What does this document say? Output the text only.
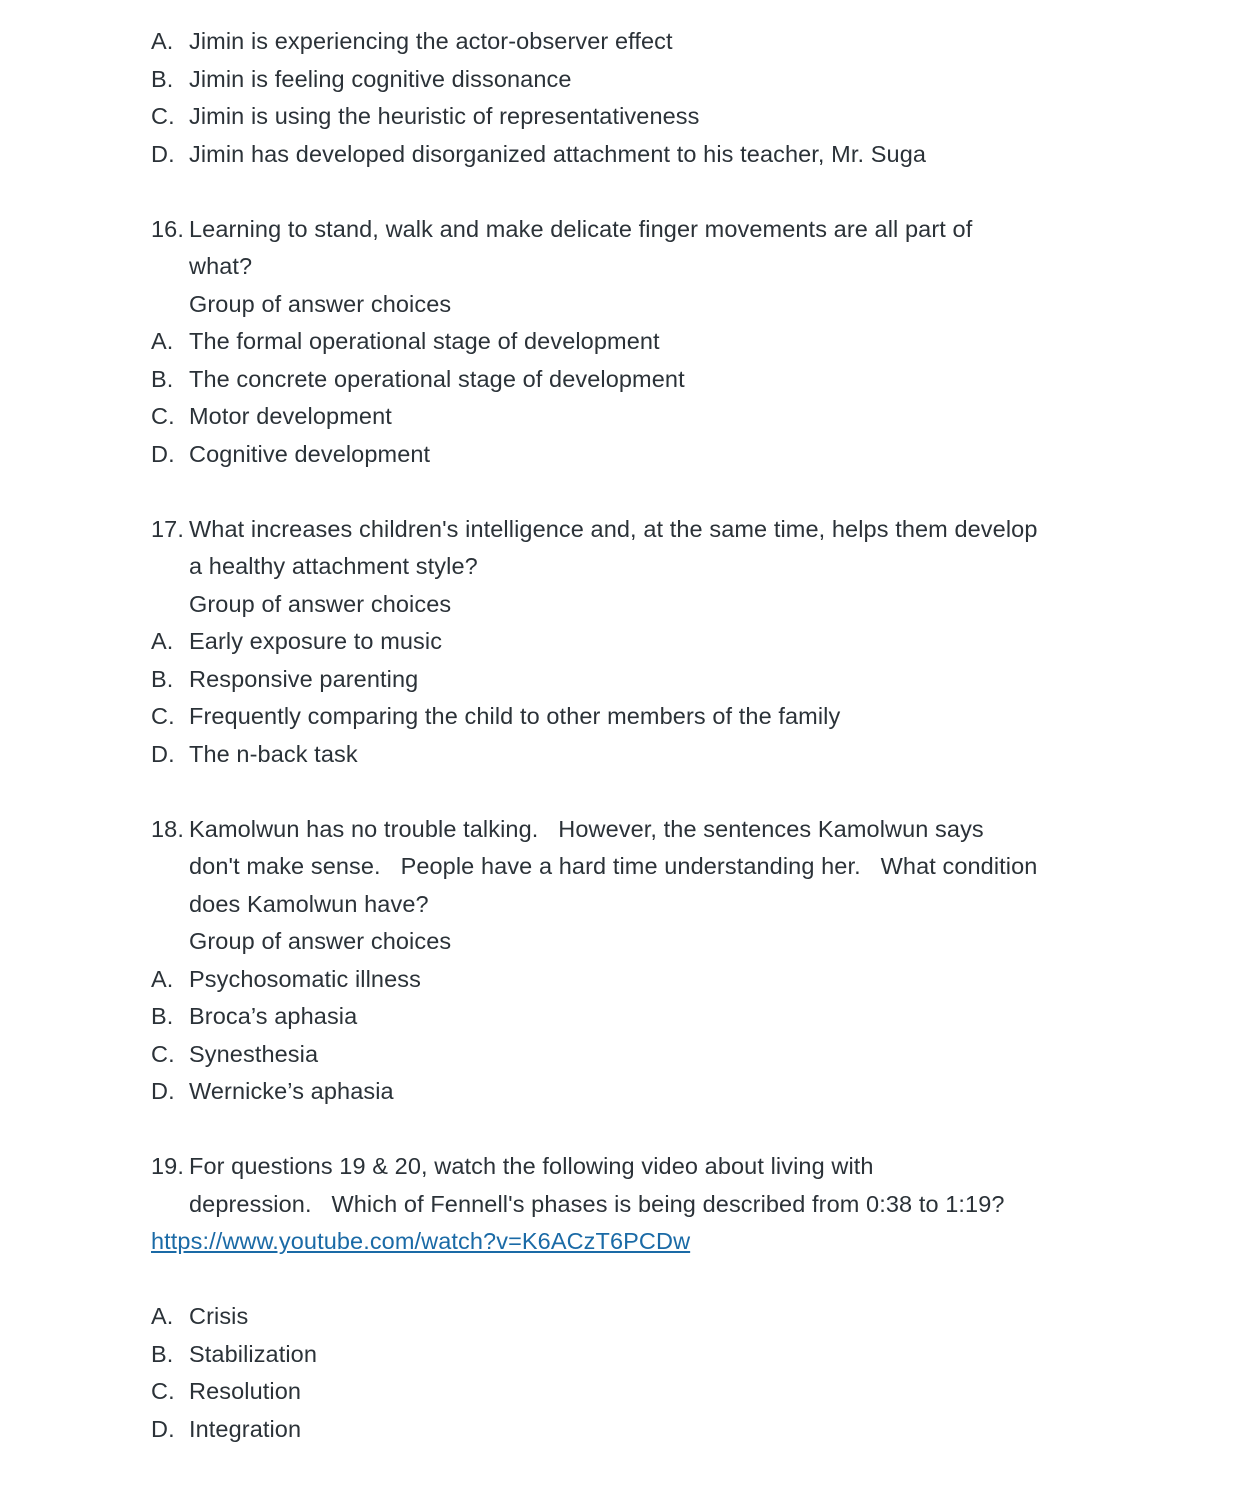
A. Jimin is experiencing the actor-observer effect
B. Jimin is feeling cognitive dissonance
C. Jimin is using the heuristic of representativeness
D. Jimin has developed disorganized attachment to his teacher, Mr. Suga
16. Learning to stand, walk and make delicate finger movements are all part of
what?
Group of answer choices
A. The formal operational stage of development
B. The concrete operational stage of development
C. Motor development
D. Cognitive development
17. What increases children's intelligence and, at the same time, helps them develop
a healthy attachment style?
Group of answer choices
A. Early exposure to music
B. Responsive parenting
C. Frequently comparing the child to other members of the family
D. The n-back task
18. Kamolwun has no trouble talking.   However, the sentences Kamolwun says
don't make sense.   People have a hard time understanding her.   What condition
does Kamolwun have?
Group of answer choices
A. Psychosomatic illness
B. Broca’s aphasia
C. Synesthesia
D. Wernicke’s aphasia
19. For questions 19 & 20, watch the following video about living with
depression.   Which of Fennell's phases is being described from 0:38 to 1:19?
https://www.youtube.com/watch?v=K6ACzT6PCDw
A. Crisis
B. Stabilization
C. Resolution
D. Integration
